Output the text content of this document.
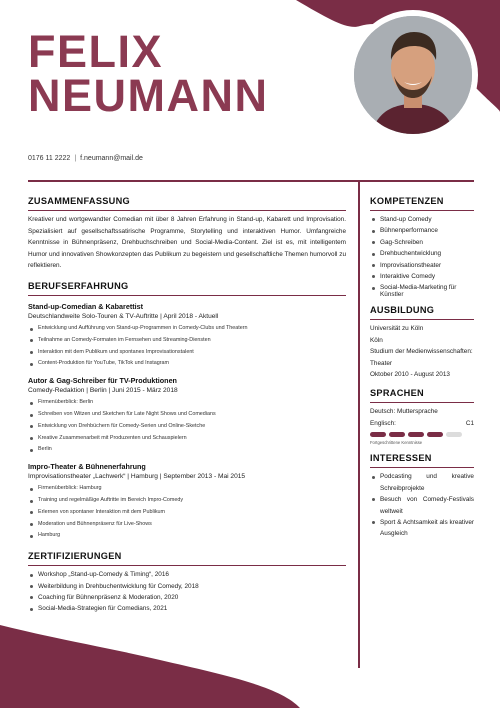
FELIX
NEUMANN
0176 11 2222 | f.neumann@mail.de
ZUSAMMENFASSUNG

Kreativer und wortgewandter Comedian mit über 8 Jahren Erfahrung in Stand-up, Kabarett und Improvisation. Spezialisiert auf gesellschaftssatirische Programme, Storytelling und interaktiven Humor. Umfangreiche Kenntnisse in Bühnenpräsenz, Drehbuchschreiben und Social-Media-Content. Ziel ist es, mit intelligentem Humor und innovativen Showkonzepten das Publikum zu begeistern und gesellschaftliche Themen humorvoll zu reflektieren.

BERUFSERFAHRUNG
Stand-up-Comedian & Kabarettist
Deutschlandweite Solo-Touren & TV-Auftritte | April 2018 - Aktuell
Entwicklung und Aufführung von Stand-up-Programmen in Comedy-Clubs und Theatern
Teilnahme an Comedy-Formaten im Fernsehen und Streaming-Diensten
Interaktion mit dem Publikum und spontanes Improvisationstalent
Content-Produktion für YouTube, TikTok und Instagram
Autor & Gag-Schreiber für TV-Produktionen
Comedy-Redaktion | Berlin | Juni 2015 - März 2018
Firmenüberblick: Berlin
Schreiben von Witzen und Sketchen für Late Night Shows und Comedians
Entwicklung von Drehbüchern für Comedy-Serien und Online-Sketche
Kreative Zusammenarbeit mit Produzenten und Schauspielern
Berlin
Impro-Theater & Bühnenerfahrung
Improvisationstheater „Lachwerk“ | Hamburg | September 2013 - Mai 2015
Firmenüberblick: Hamburg
Training und regelmäßige Auftritte im Bereich Impro-Comedy
Erlernen von spontaner Interaktion mit dem Publikum
Moderation und Bühnenpräsenz für Live-Shows
Hamburg
ZERTIFIZIERUNGEN
Workshop „Stand-up-Comedy & Timing“, 2016
Weiterbildung in Drehbuchentwicklung für Comedy, 2018
Coaching für Bühnenpräsenz & Moderation, 2020
Social-Media-Strategien für Comedians, 2021
KOMPETENZEN
Stand-up Comedy
Bühnenperformance
Gag-Schreiben
Drehbuchentwicklung
Improvisationstheater
Interaktive Comedy
Social-Media-Marketing für Künstler
AUSBILDUNG
Universität zu Köln
Köln
Studium der Medienwissenschaften: Theater
Oktober 2010 - August 2013
SPRACHEN
Deutsch: Muttersprache
Englisch:	C1
Fortgeschrittene Kenntnisse
INTERESSEN
Podcasting und kreative Schreibprojekte
Besuch von Comedy-Festivals weltweit
Sport & Achtsamkeit als kreativer Ausgleich
